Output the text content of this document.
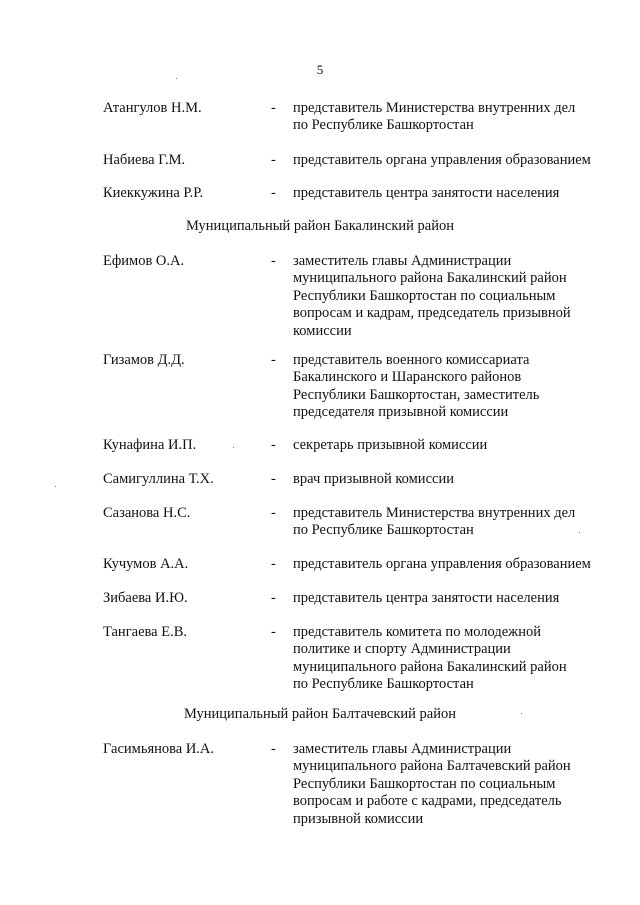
5
Атангулов Н.М.	- представитель Министерства внутренних дел
по Республике Башкортостан
Набиева Г.М.	- представитель органа управления образованием
Киеккужина Р.Р.	- представитель центра занятости населения
Муниципальный район Бакалинский район
Ефимов О.А.	- заместитель главы Администрации
муниципального района Бакалинский район
Республики Башкортостан по социальным
вопросам и кадрам, председатель призывной
комиссии
Гизамов Д.Д.	- представитель военного комиссариата
Бакалинского и Шаранского районов
Республики Башкортостан, заместитель
председателя призывной комиссии
Кунафина И.П.	- секретарь призывной комиссии
Самигуллина Т.Х.	- врач призывной комиссии
Сазанова Н.С.	- представитель Министерства внутренних дел
по Республике Башкортостан
Кучумов А.А.	- представитель органа управления образованием
Зибаева И.Ю.	- представитель центра занятости населения
Тангаева Е.В.	- представитель комитета по молодежной
политике и спорту Администрации
муниципального района Бакалинский район
по Республике Башкортостан
Муниципальный район Балтачевский район
Гасимьянова И.А.	- заместитель главы Администрации
муниципального района Балтачевский район
Республики Башкортостан по социальным
вопросам и работе с кадрами, председатель
призывной комиссии
